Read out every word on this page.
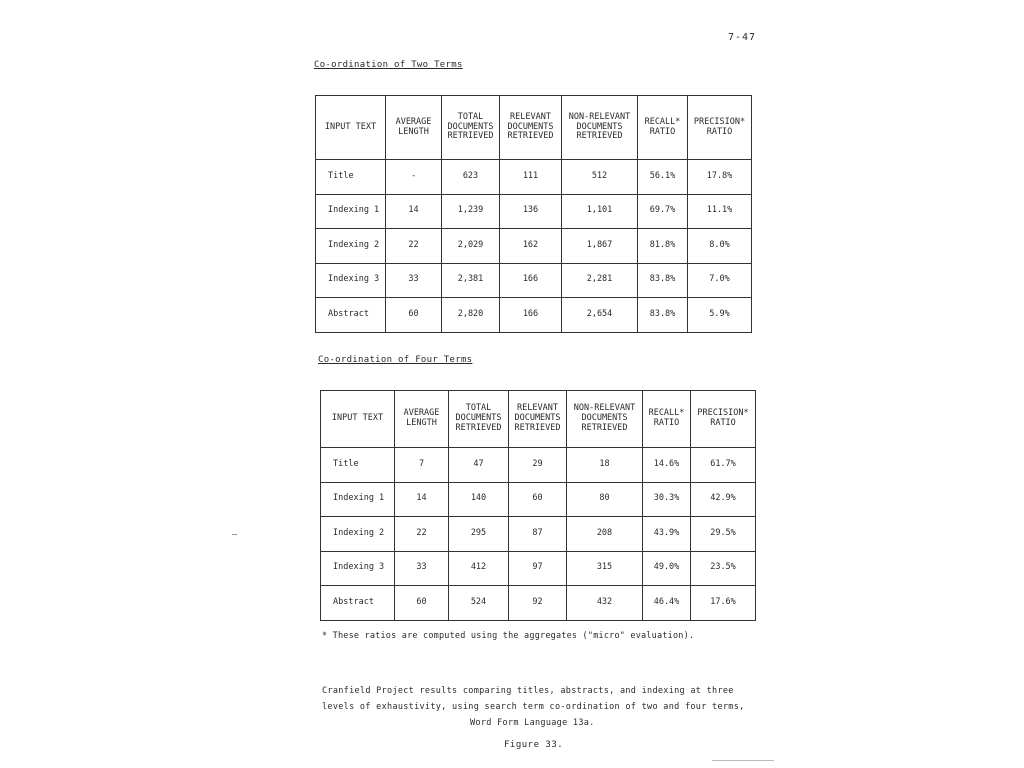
7-47
Co-ordination of Two Terms
INPUT TEXT	AVERAGE LENGTH	TOTAL DOCUMENTS RETRIEVED	RELEVANT DOCUMENTS RETRIEVED	NON-RELEVANT DOCUMENTS RETRIEVED	RECALL* RATIO	PRECISION* RATIO
Title	-	623	111	512	56.1%	17.8%
Indexing 1	14	1,239	136	1,101	69.7%	11.1%
Indexing 2	22	2,029	162	1,867	81.8%	8.0%
Indexing 3	33	2,381	166	2,281	83.8%	7.0%
Abstract	60	2,820	166	2,654	83.8%	5.9%
Co-ordination of Four Terms
INPUT TEXT	AVERAGE LENGTH	TOTAL DOCUMENTS RETRIEVED	RELEVANT DOCUMENTS RETRIEVED	NON-RELEVANT DOCUMENTS RETRIEVED	RECALL* RATIO	PRECISION* RATIO
Title	7	47	29	18	14.6%	61.7%
Indexing 1	14	140	60	80	30.3%	42.9%
Indexing 2	22	295	87	208	43.9%	29.5%
Indexing 3	33	412	97	315	49.0%	23.5%
Abstract	60	524	92	432	46.4%	17.6%
* These ratios are computed using the aggregates ("micro" evaluation).
Cranfield Project results comparing titles, abstracts, and indexing at three
levels of exhaustivity, using search term co-ordination of two and four terms,
Word Form Language 13a.
Figure 33.
